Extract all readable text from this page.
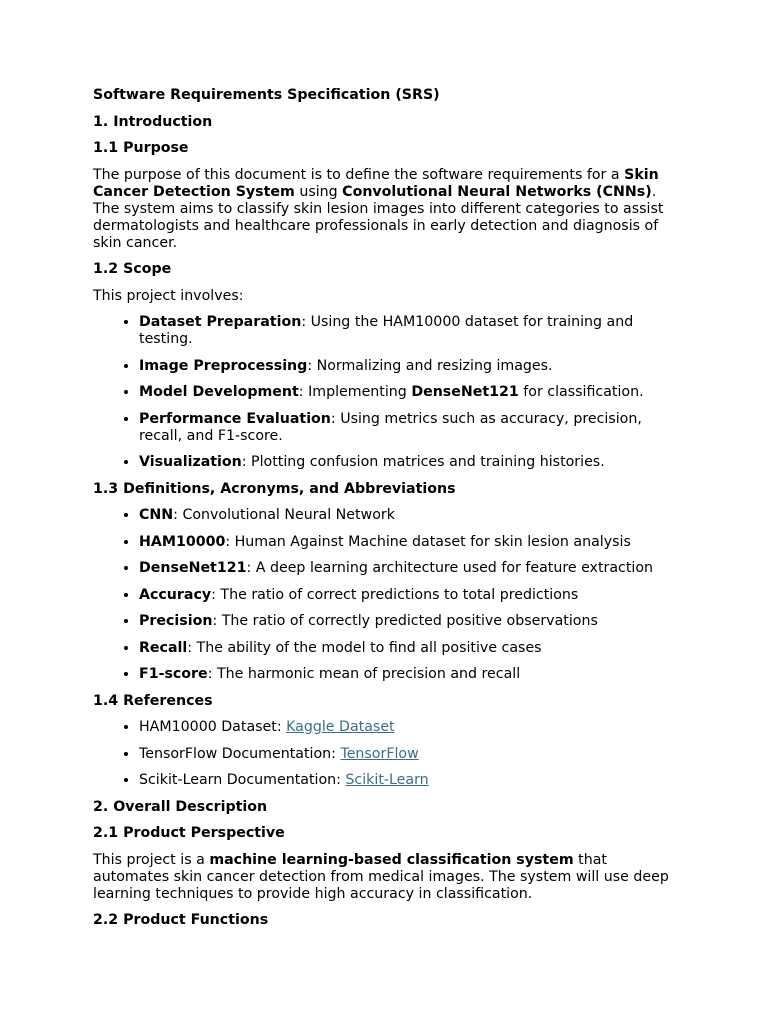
Software Requirements Specification (SRS)
1. Introduction
1.1 Purpose

The purpose of this document is to define the software requirements for a Skin Cancer Detection System using Convolutional Neural Networks (CNNs). The system aims to classify skin lesion images into different categories to assist dermatologists and healthcare professionals in early detection and diagnosis of skin cancer.

1.2 Scope

This project involves:

• Dataset Preparation: Using the HAM10000 dataset for training and testing.
• Image Preprocessing: Normalizing and resizing images.
• Model Development: Implementing DenseNet121 for classification.
• Performance Evaluation: Using metrics such as accuracy, precision, recall, and F1-score.
• Visualization: Plotting confusion matrices and training histories.
1.3 Definitions, Acronyms, and Abbreviations
• CNN: Convolutional Neural Network
• HAM10000: Human Against Machine dataset for skin lesion analysis
• DenseNet121: A deep learning architecture used for feature extraction
• Accuracy: The ratio of correct predictions to total predictions
• Precision: The ratio of correctly predicted positive observations
• Recall: The ability of the model to find all positive cases
• F1-score: The harmonic mean of precision and recall
1.4 References
• HAM10000 Dataset: Kaggle Dataset
• TensorFlow Documentation: TensorFlow
• Scikit-Learn Documentation: Scikit-Learn
2. Overall Description
2.1 Product Perspective

This project is a machine learning-based classification system that automates skin cancer detection from medical images. The system will use deep learning techniques to provide high accuracy in classification.

2.2 Product Functions
